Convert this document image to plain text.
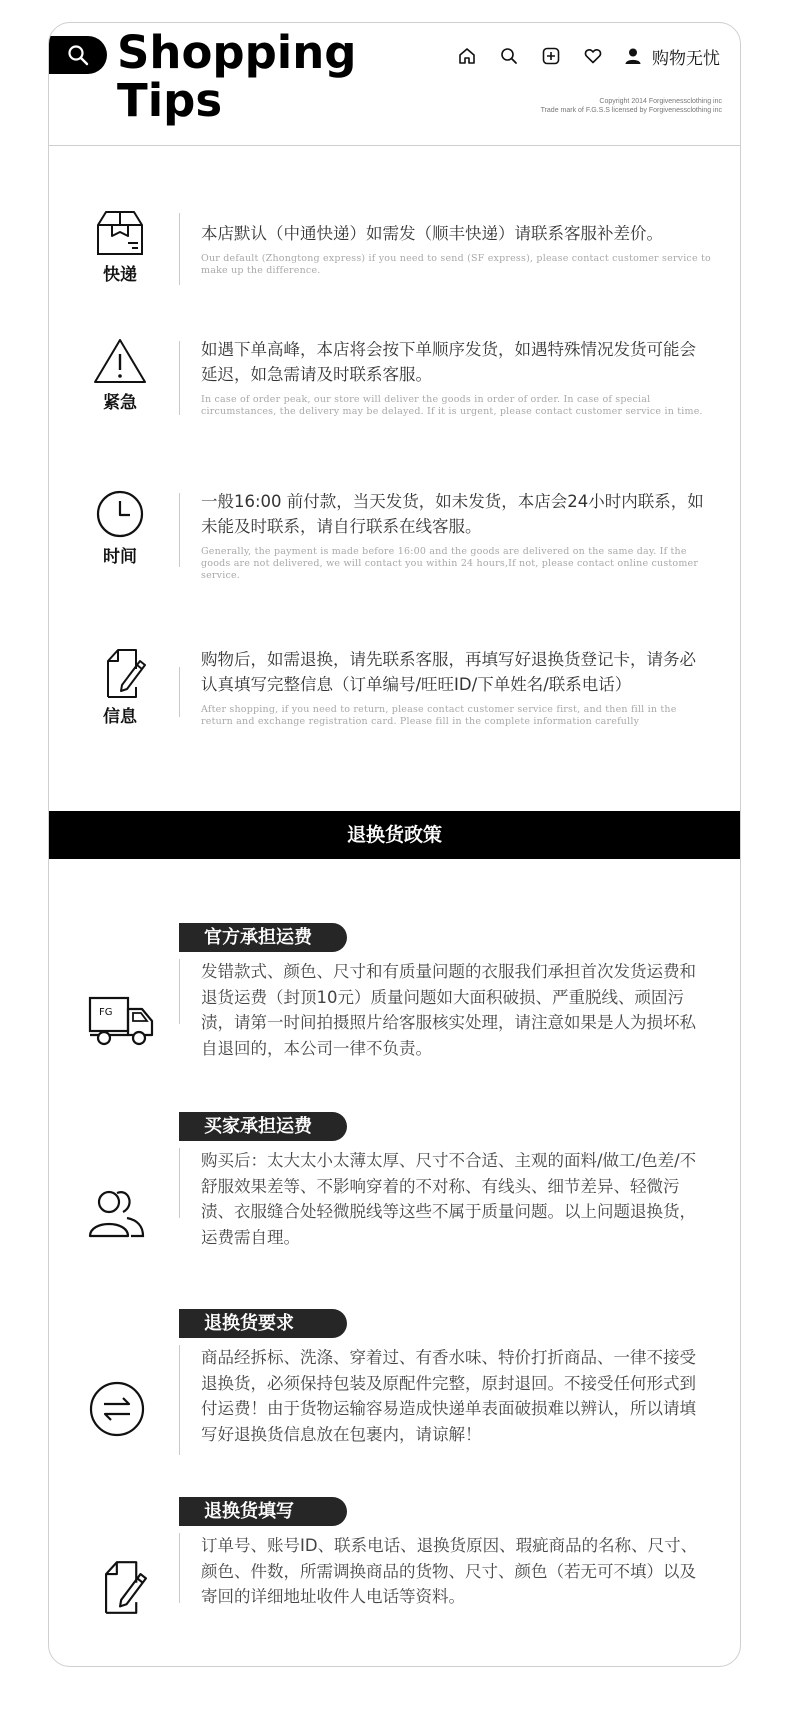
Shopping
Tips
购物无忧
Copyright 2014 Forgivenessclothing inc
Trade mark of F.G.S.S licensed by Forgivenessclothing inc
快递
本店默认（中通快递）如需发（顺丰快递）请联系客服补差价。
Our default (Zhongtong express) if you need to send (SF express), please contact customer service to make up the difference.
紧急
如遇下单高峰，本店将会按下单顺序发货，如遇特殊情况发货可能会延迟，如急需请及时联系客服。
In case of order peak, our store will deliver the goods in order of order. In case of special circumstances, the delivery may be delayed. If it is urgent, please contact customer service in time.
时间
一般16:00 前付款，当天发货，如未发货，本店会24小时内联系，如未能及时联系，请自行联系在线客服。
Generally, the payment is made before 16:00 and the goods are delivered on the same day. If the goods are not delivered, we will contact you within 24 hours,If not, please contact online customer service.
信息
购物后，如需退换，请先联系客服，再填写好退换货登记卡，请务必认真填写完整信息（订单编号/旺旺ID/下单姓名/联系电话）
After shopping, if you need to return, please contact customer service first, and then fill in the return and exchange registration card. Please fill in the complete information carefully
退换货政策
官方承担运费
FG
发错款式、颜色、尺寸和有质量问题的衣服我们承担首次发货运费和退货运费（封顶10元）质量问题如大面积破损、严重脱线、顽固污渍，请第一时间拍摄照片给客服核实处理，请注意如果是人为损坏私自退回的，本公司一律不负责。
买家承担运费
购买后：太大太小太薄太厚、尺寸不合适、主观的面料/做工/色差/不舒服效果差等、不影响穿着的不对称、有线头、细节差异、轻微污渍、衣服缝合处轻微脱线等这些不属于质量问题。以上问题退换货，运费需自理。
退换货要求
商品经拆标、洗涤、穿着过、有香水味、特价打折商品、一律不接受退换货，必须保持包装及原配件完整，原封退回。不接受任何形式到付运费！由于货物运输容易造成快递单表面破损难以辨认，所以请填写好退换货信息放在包裹内，请谅解！
退换货填写
订单号、账号ID、联系电话、退换货原因、瑕疵商品的名称、尺寸、颜色、件数，所需调换商品的货物、尺寸、颜色（若无可不填）以及寄回的详细地址收件人电话等资料。
